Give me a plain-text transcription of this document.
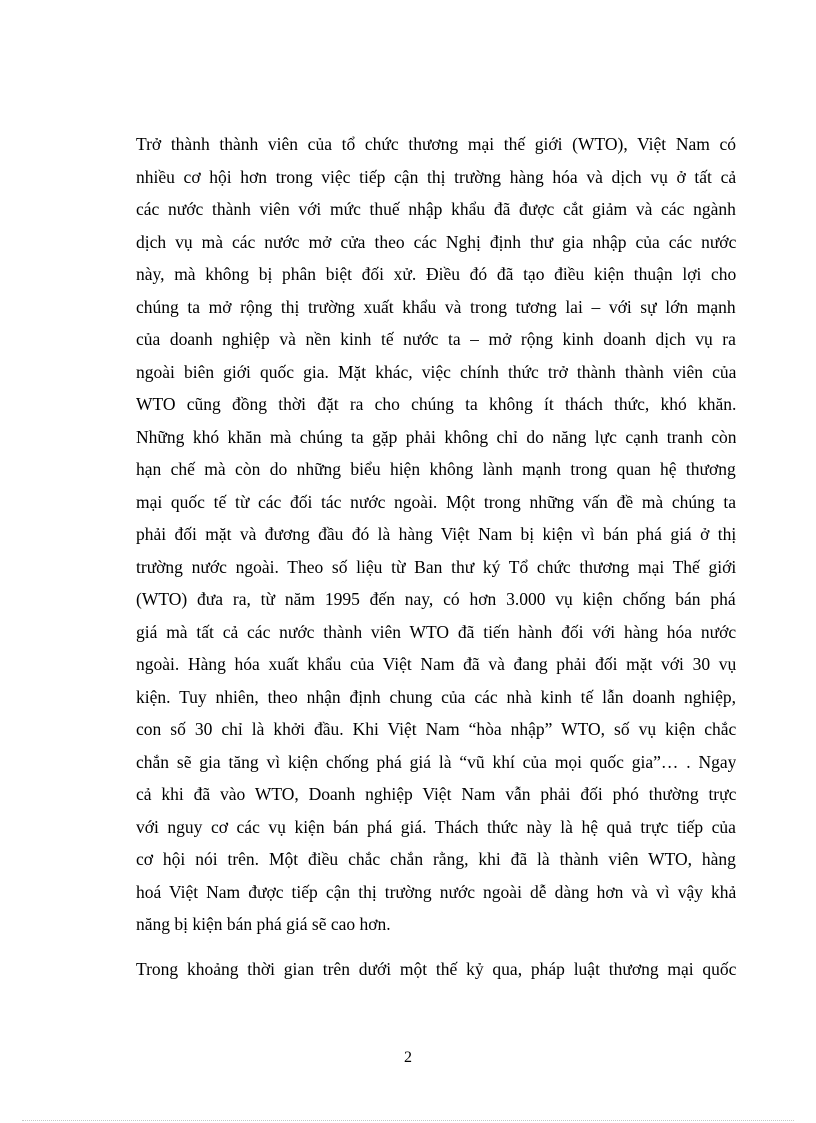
Trở thành thành viên của tổ chức thương mại thế giới (WTO), Việt Nam có
nhiều cơ hội hơn trong việc tiếp cận thị trường hàng hóa và dịch vụ ở tất cả
các nước thành viên với mức thuế nhập khẩu đã được cắt giảm và các ngành
dịch vụ mà các nước mở cửa theo các Nghị định thư gia nhập của các nước
này, mà không bị phân biệt đối xử. Điều đó đã tạo điều kiện thuận lợi cho
chúng ta mở rộng thị trường xuất khẩu và trong tương lai – với sự lớn mạnh
của doanh nghiệp và nền kinh tế nước ta – mở rộng kinh doanh dịch vụ ra
ngoài biên giới quốc gia. Mặt khác, việc chính thức trở thành thành viên của
WTO cũng đồng thời đặt ra cho chúng ta không ít thách thức, khó khăn.
Những khó khăn mà chúng ta gặp phải không chỉ do năng lực cạnh tranh còn
hạn chế mà còn do những biểu hiện không lành mạnh trong quan hệ thương
mại quốc tế từ các đối tác nước ngoài. Một trong những vấn đề mà chúng ta
phải đối mặt và đương đầu đó là hàng Việt Nam bị kiện vì bán phá giá ở thị
trường nước ngoài. Theo số liệu từ Ban thư ký Tổ chức thương mại Thế giới
(WTO) đưa ra, từ năm 1995 đến nay, có hơn 3.000 vụ kiện chống bán phá
giá mà tất cả các nước thành viên WTO đã tiến hành đối với hàng hóa nước
ngoài. Hàng hóa xuất khẩu của Việt Nam đã và đang phải đối mặt với 30 vụ
kiện. Tuy nhiên, theo nhận định chung của các nhà kinh tế lẫn doanh nghiệp,
con số 30 chỉ là khởi đầu. Khi Việt Nam “hòa nhập” WTO, số vụ kiện chắc
chắn sẽ gia tăng vì kiện chống phá giá là “vũ khí của mọi quốc gia”… . Ngay
cả khi đã vào WTO, Doanh nghiệp Việt Nam vẫn phải đối phó thường trực
với nguy cơ các vụ kiện bán phá giá. Thách thức này là hệ quả trực tiếp của
cơ hội nói trên. Một điều chắc chắn rằng, khi đã là thành viên WTO, hàng
hoá Việt Nam được tiếp cận thị trường nước ngoài dễ dàng hơn và vì vậy khả
năng bị kiện bán phá giá sẽ cao hơn.
Trong khoảng thời gian trên dưới một thế kỷ qua, pháp luật thương mại quốc
2
